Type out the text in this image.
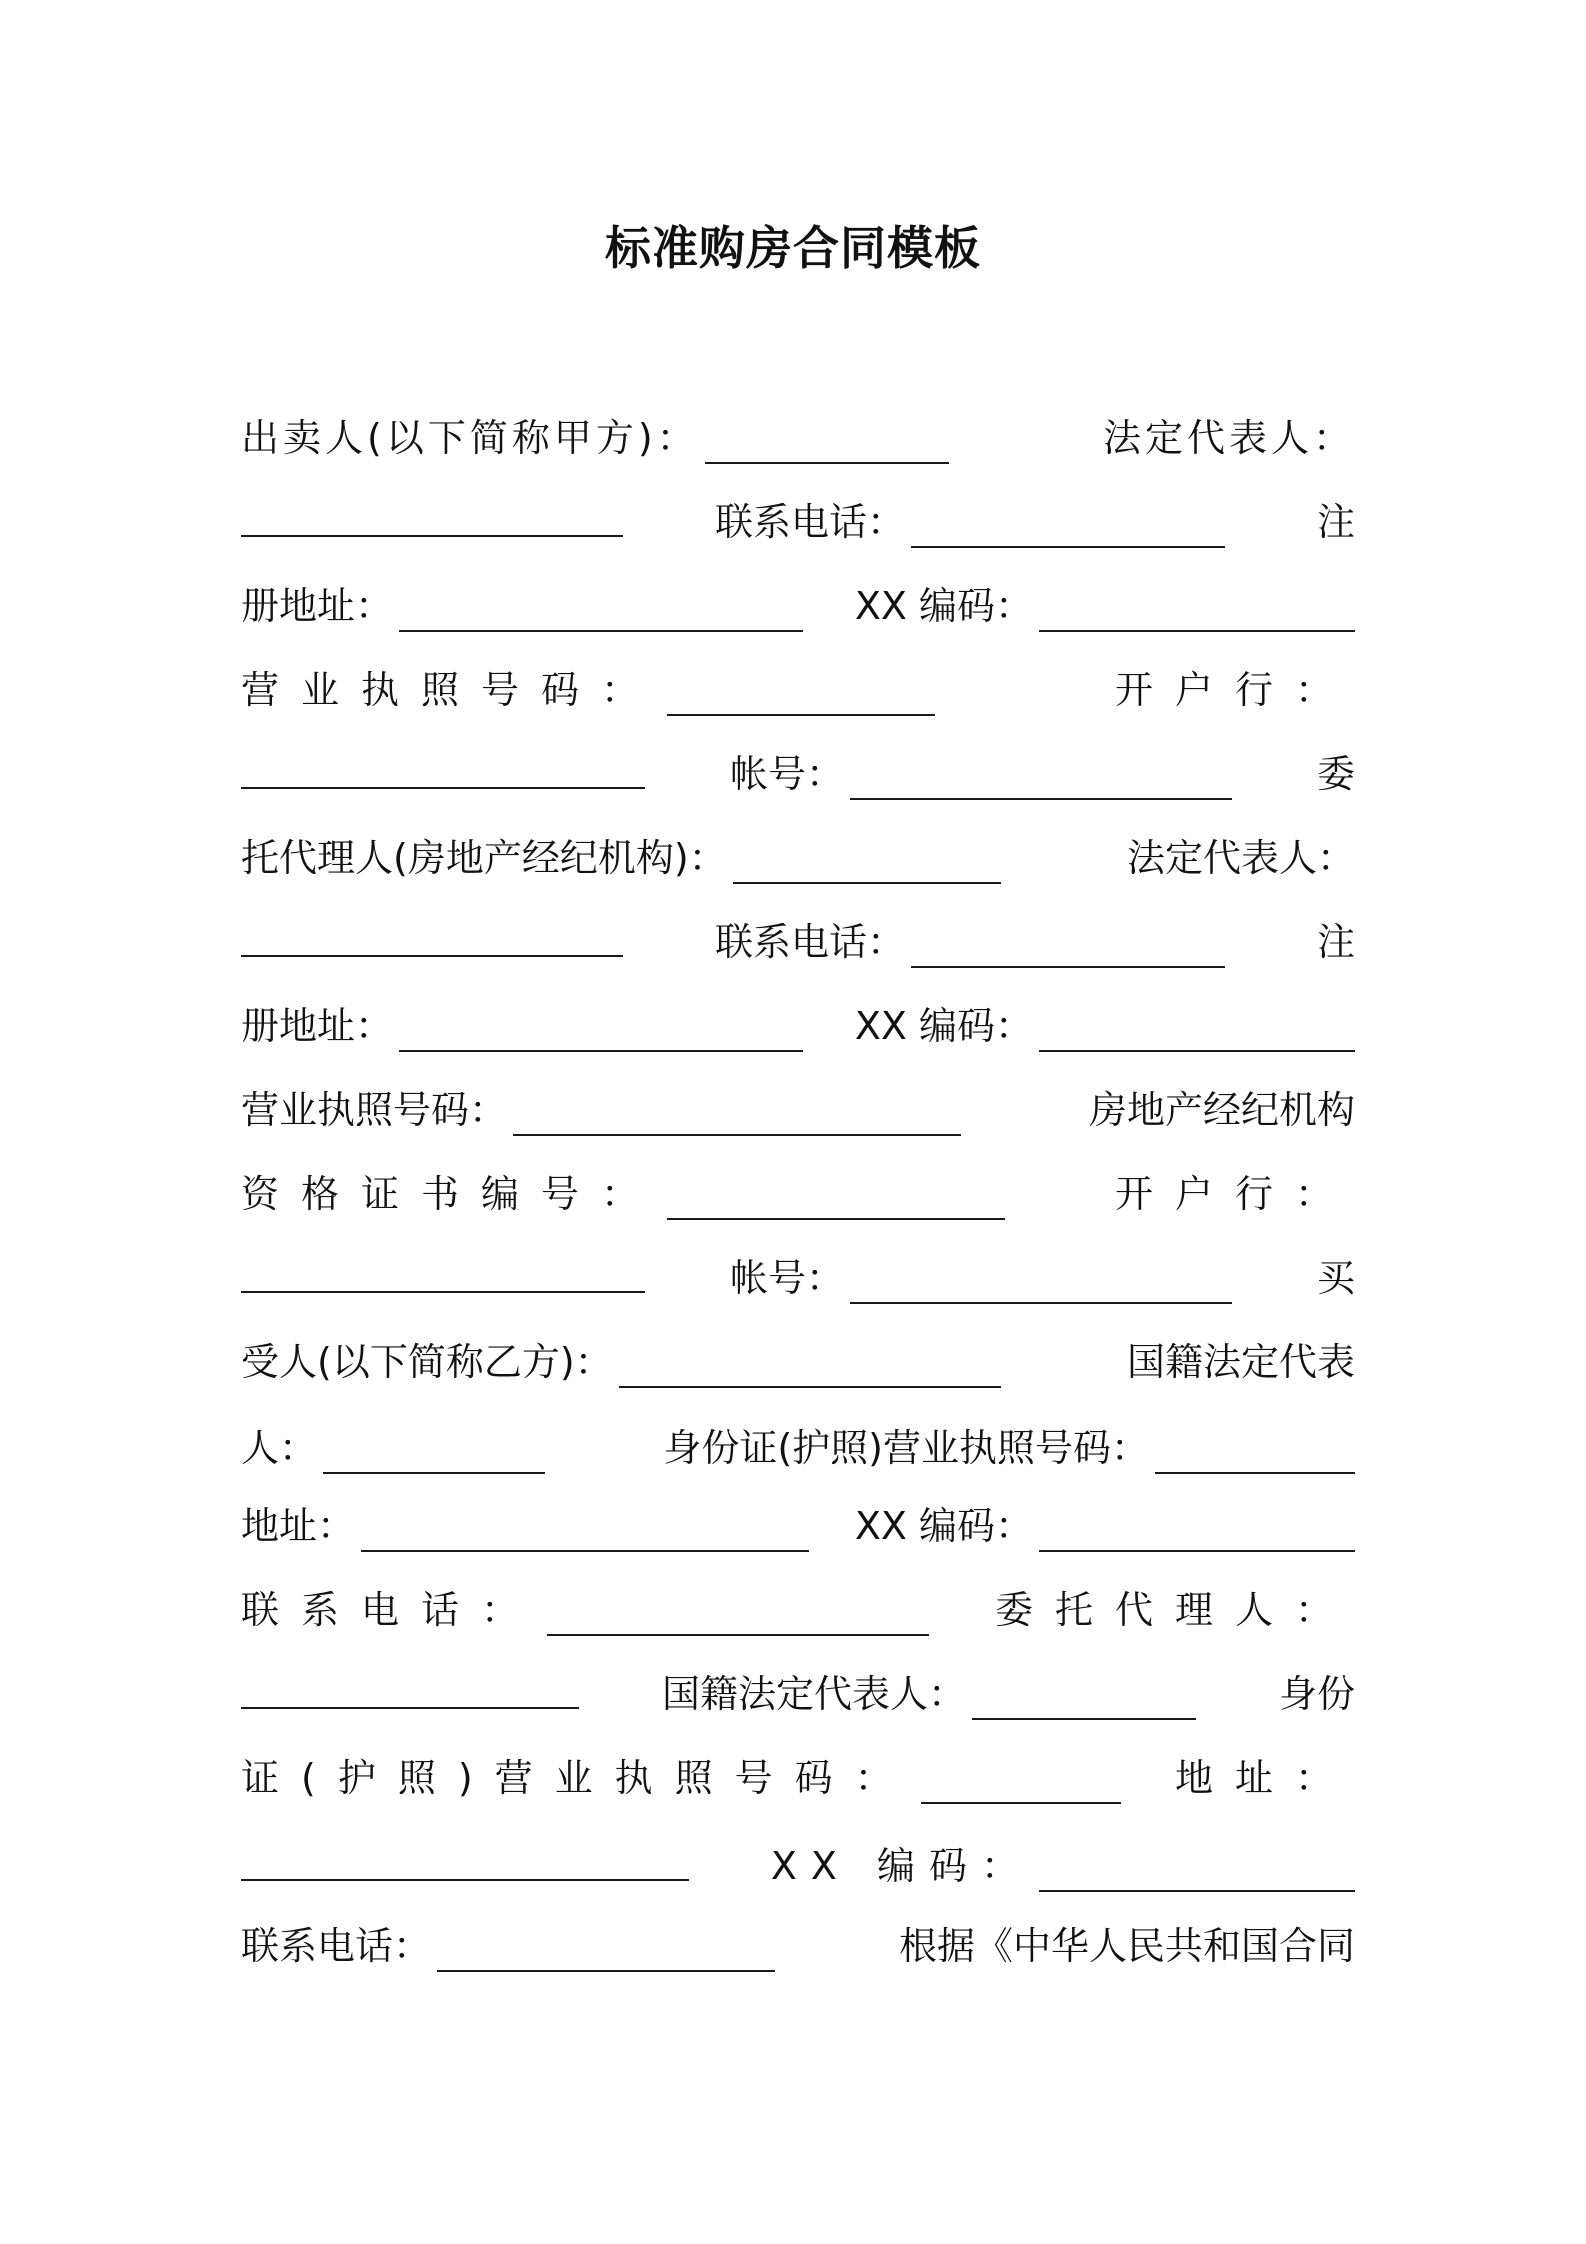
标准购房合同模板
出卖人(以下简称甲方)：	法定代表人：
联系电话：	注
册地址：	XX 编码：
营业执照号码：	开户行：
帐号：	委
托代理人(房地产经纪机构)：	法定代表人：
联系电话：	注
册地址：	XX 编码：
营业执照号码：	房地产经纪机构
资格证书编号：	开户行：
帐号：	买
受人(以下简称乙方)：	国籍法定代表
人：	身份证(护照)营业执照号码：
地址：	XX 编码：
联系电话：	委托代理人：
国籍法定代表人：	身份
证(护照)营业执照号码：	地址：
XX 编码：
联系电话：	根据《中华人民共和国合同
